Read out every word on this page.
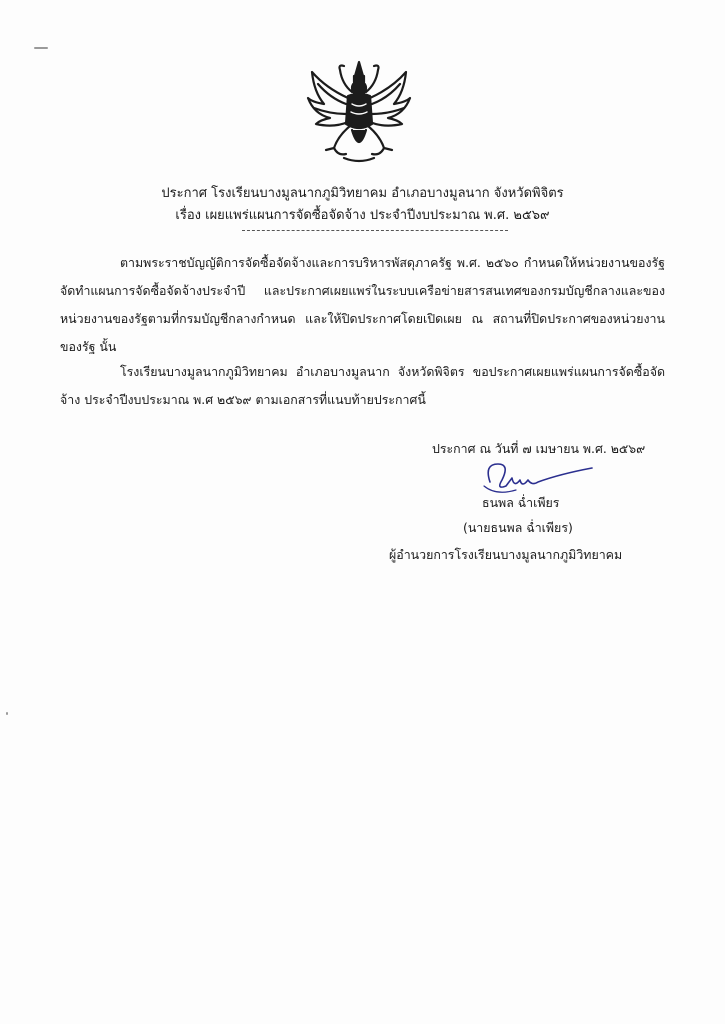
ประกาศ โรงเรียนบางมูลนากภูมิวิทยาคม อำเภอบางมูลนาก จังหวัดพิจิตร
เรื่อง เผยแพร่แผนการจัดซื้อจัดจ้าง ประจำปีงบประมาณ พ.ศ. ๒๕๖๙
ตามพระราชบัญญัติการจัดซื้อจัดจ้างและการบริหารพัสดุภาครัฐ พ.ศ. ๒๕๖๐ กำหนดให้หน่วยงานของรัฐจัดทำแผนการจัดซื้อจัดจ้างประจำปี และประกาศเผยแพร่ในระบบเครือข่ายสารสนเทศของกรมบัญชีกลางและของหน่วยงานของรัฐตามที่กรมบัญชีกลางกำหนด และให้ปิดประกาศโดยเปิดเผย ณ สถานที่ปิดประกาศของหน่วยงานของรัฐ นั้น
โรงเรียนบางมูลนากภูมิวิทยาคม อำเภอบางมูลนาก จังหวัดพิจิตร ขอประกาศเผยแพร่แผนการจัดซื้อจัดจ้าง ประจำปีงบประมาณ พ.ศ ๒๕๖๙ ตามเอกสารที่แนบท้ายประกาศนี้
ประกาศ ณ วันที่ ๗ เมษายน พ.ศ. ๒๕๖๙
ธนพล ฉ่ำเพียร
(นายธนพล ฉ่ำเพียร)
ผู้อำนวยการโรงเรียนบางมูลนากภูมิวิทยาคม
